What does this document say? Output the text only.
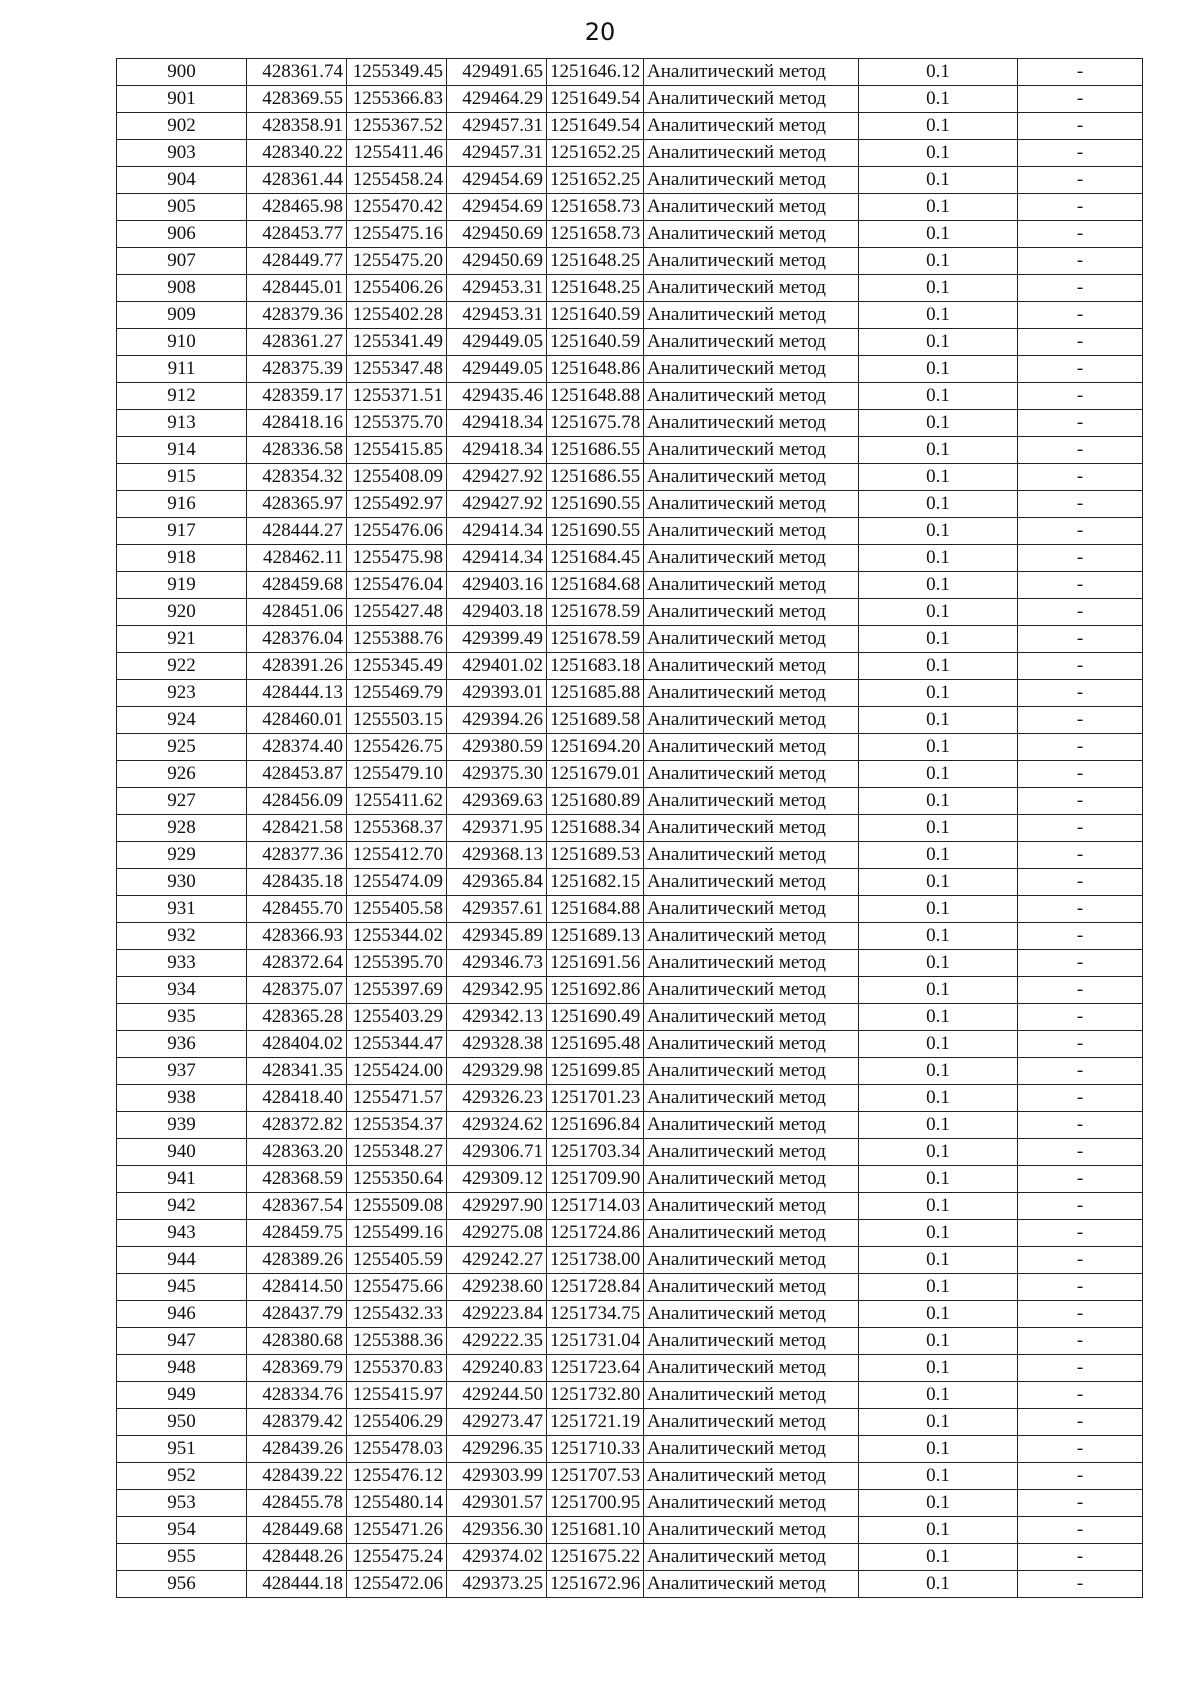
20
900	428361.74	1255349.45	429491.65	1251646.12	Аналитический метод	0.1	-
901	428369.55	1255366.83	429464.29	1251649.54	Аналитический метод	0.1	-
902	428358.91	1255367.52	429457.31	1251649.54	Аналитический метод	0.1	-
903	428340.22	1255411.46	429457.31	1251652.25	Аналитический метод	0.1	-
904	428361.44	1255458.24	429454.69	1251652.25	Аналитический метод	0.1	-
905	428465.98	1255470.42	429454.69	1251658.73	Аналитический метод	0.1	-
906	428453.77	1255475.16	429450.69	1251658.73	Аналитический метод	0.1	-
907	428449.77	1255475.20	429450.69	1251648.25	Аналитический метод	0.1	-
908	428445.01	1255406.26	429453.31	1251648.25	Аналитический метод	0.1	-
909	428379.36	1255402.28	429453.31	1251640.59	Аналитический метод	0.1	-
910	428361.27	1255341.49	429449.05	1251640.59	Аналитический метод	0.1	-
911	428375.39	1255347.48	429449.05	1251648.86	Аналитический метод	0.1	-
912	428359.17	1255371.51	429435.46	1251648.88	Аналитический метод	0.1	-
913	428418.16	1255375.70	429418.34	1251675.78	Аналитический метод	0.1	-
914	428336.58	1255415.85	429418.34	1251686.55	Аналитический метод	0.1	-
915	428354.32	1255408.09	429427.92	1251686.55	Аналитический метод	0.1	-
916	428365.97	1255492.97	429427.92	1251690.55	Аналитический метод	0.1	-
917	428444.27	1255476.06	429414.34	1251690.55	Аналитический метод	0.1	-
918	428462.11	1255475.98	429414.34	1251684.45	Аналитический метод	0.1	-
919	428459.68	1255476.04	429403.16	1251684.68	Аналитический метод	0.1	-
920	428451.06	1255427.48	429403.18	1251678.59	Аналитический метод	0.1	-
921	428376.04	1255388.76	429399.49	1251678.59	Аналитический метод	0.1	-
922	428391.26	1255345.49	429401.02	1251683.18	Аналитический метод	0.1	-
923	428444.13	1255469.79	429393.01	1251685.88	Аналитический метод	0.1	-
924	428460.01	1255503.15	429394.26	1251689.58	Аналитический метод	0.1	-
925	428374.40	1255426.75	429380.59	1251694.20	Аналитический метод	0.1	-
926	428453.87	1255479.10	429375.30	1251679.01	Аналитический метод	0.1	-
927	428456.09	1255411.62	429369.63	1251680.89	Аналитический метод	0.1	-
928	428421.58	1255368.37	429371.95	1251688.34	Аналитический метод	0.1	-
929	428377.36	1255412.70	429368.13	1251689.53	Аналитический метод	0.1	-
930	428435.18	1255474.09	429365.84	1251682.15	Аналитический метод	0.1	-
931	428455.70	1255405.58	429357.61	1251684.88	Аналитический метод	0.1	-
932	428366.93	1255344.02	429345.89	1251689.13	Аналитический метод	0.1	-
933	428372.64	1255395.70	429346.73	1251691.56	Аналитический метод	0.1	-
934	428375.07	1255397.69	429342.95	1251692.86	Аналитический метод	0.1	-
935	428365.28	1255403.29	429342.13	1251690.49	Аналитический метод	0.1	-
936	428404.02	1255344.47	429328.38	1251695.48	Аналитический метод	0.1	-
937	428341.35	1255424.00	429329.98	1251699.85	Аналитический метод	0.1	-
938	428418.40	1255471.57	429326.23	1251701.23	Аналитический метод	0.1	-
939	428372.82	1255354.37	429324.62	1251696.84	Аналитический метод	0.1	-
940	428363.20	1255348.27	429306.71	1251703.34	Аналитический метод	0.1	-
941	428368.59	1255350.64	429309.12	1251709.90	Аналитический метод	0.1	-
942	428367.54	1255509.08	429297.90	1251714.03	Аналитический метод	0.1	-
943	428459.75	1255499.16	429275.08	1251724.86	Аналитический метод	0.1	-
944	428389.26	1255405.59	429242.27	1251738.00	Аналитический метод	0.1	-
945	428414.50	1255475.66	429238.60	1251728.84	Аналитический метод	0.1	-
946	428437.79	1255432.33	429223.84	1251734.75	Аналитический метод	0.1	-
947	428380.68	1255388.36	429222.35	1251731.04	Аналитический метод	0.1	-
948	428369.79	1255370.83	429240.83	1251723.64	Аналитический метод	0.1	-
949	428334.76	1255415.97	429244.50	1251732.80	Аналитический метод	0.1	-
950	428379.42	1255406.29	429273.47	1251721.19	Аналитический метод	0.1	-
951	428439.26	1255478.03	429296.35	1251710.33	Аналитический метод	0.1	-
952	428439.22	1255476.12	429303.99	1251707.53	Аналитический метод	0.1	-
953	428455.78	1255480.14	429301.57	1251700.95	Аналитический метод	0.1	-
954	428449.68	1255471.26	429356.30	1251681.10	Аналитический метод	0.1	-
955	428448.26	1255475.24	429374.02	1251675.22	Аналитический метод	0.1	-
956	428444.18	1255472.06	429373.25	1251672.96	Аналитический метод	0.1	-
